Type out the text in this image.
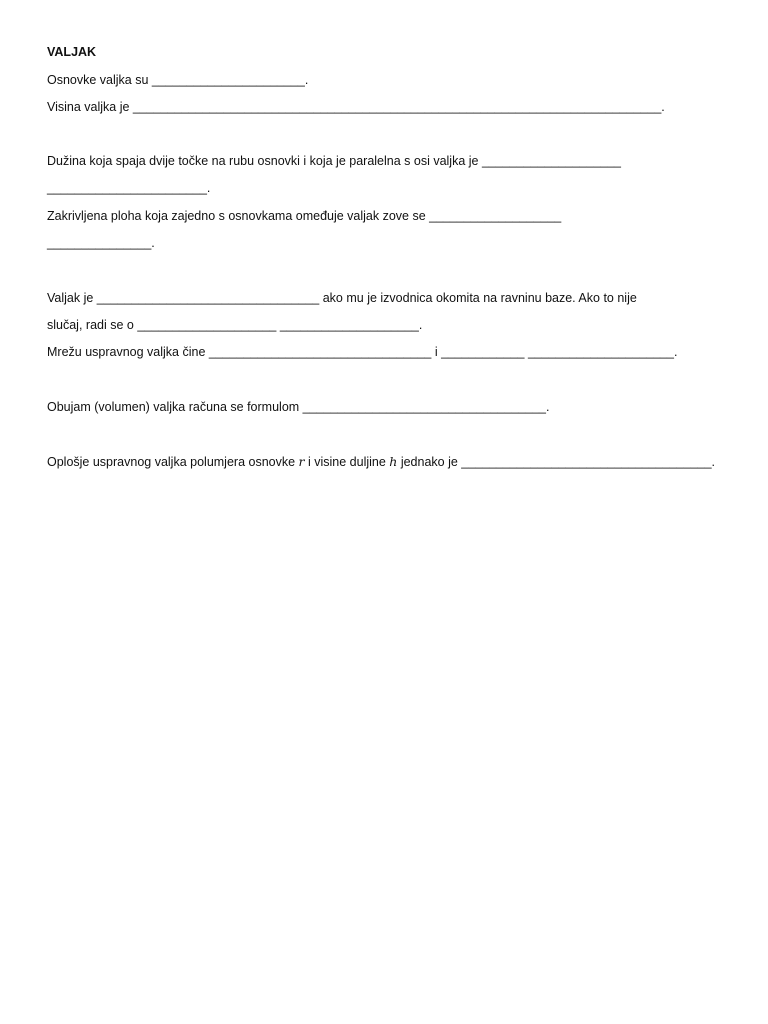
VALJAK
Osnovke valjka su ______________________.
Visina valjka je ____________________________________________________________________________.
Dužina koja spaja dvije točke na rubu osnovki i koja je paralelna s osi valjka je ____________________
_______________________.
Zakrivljena ploha koja zajedno s osnovkama omeđuje valjak zove se ___________________
_______________.
Valjak je ________________________________ ako mu je izvodnica okomita na ravninu baze. Ako to nije
slučaj, radi se o ____________________ ____________________.
Mrežu uspravnog valjka čine ________________________________ i ____________ _____________________.
Obujam (volumen) valjka računa se formulom ___________________________________.
Oplošje uspravnog valjka polumjera osnovke r i visine duljine h jednako je ____________________________________.
